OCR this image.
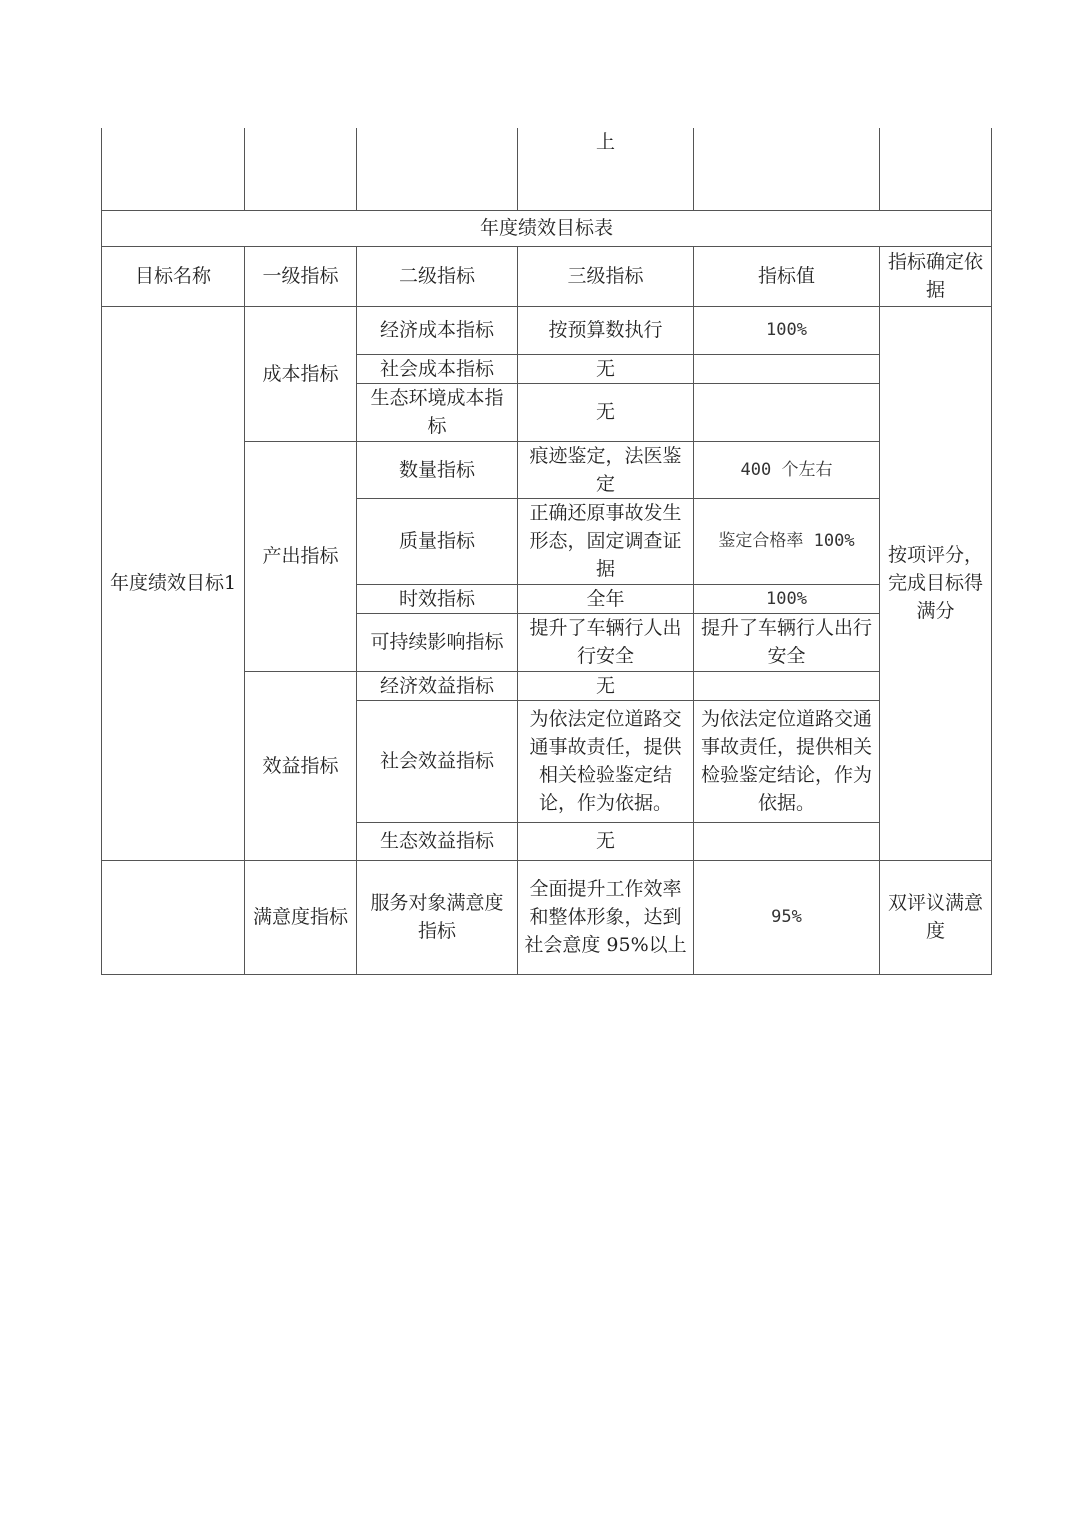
			上		
年度绩效目标表					
目标名称	一级指标	二级指标	三级指标	指标值	指标确定依据
年度绩效目标1	成本指标	经济成本指标	按预算数执行	100%	按项评分，完成目标得满分
		社会成本指标	无		
		生态环境成本指标	无		
	产出指标	数量指标	痕迹鉴定，法医鉴定	400 个左右	
		质量指标	正确还原事故发生形态，固定调查证据	鉴定合格率 100%	
		时效指标	全年	100%	
		可持续影响指标	提升了车辆行人出行安全	提升了车辆行人出行安全	
	效益指标	经济效益指标	无		
		社会效益指标	为依法定位道路交通事故责任，提供相关检验鉴定结论，作为依据。	为依法定位道路交通事故责任，提供相关检验鉴定结论，作为依据。	
		生态效益指标	无		
	满意度指标	服务对象满意度指标	全面提升工作效率和整体形象，达到社会意度 95%以上	95%	双评议满意度
